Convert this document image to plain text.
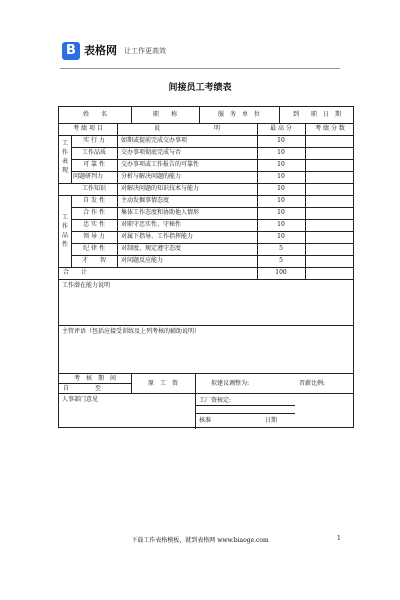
B 表格网 让工作更高效
间接员工考绩表
姓　　名	职　　称	服　务　单　位	到　　职　日　期
考 绩 项 目	说　　　　　　　　　明	最 高 分	考 绩 分 数
工作表现
工作品性
实 行 力	如期或提前完成交办事项	10
工作品质	交办事项彻底完成与否	10
可 靠 性	交办事项或工作报告的可靠性	10
问题研判力	分析与解决问题的能力	10
工作知识	对解决问题的知识技术与能力	10
自 发 性	主动发掘事情态度	10
合 作 性	集体工作态度和协助他人情形	10
忠 实 性	对职守忠实性、守秘性	10
领 导 力	对属下指导、工作指挥能力	10
纪 律 性	对制度、规定遵守态度	5
才　　智	对问题反应能力	5
合　　计	100
工作潜在能力说明
主管评语（包括应接受训练及上列考核的辅助说明）
考　核　期　间
自	至
原　工　资	拟建议调整为:	晋薪比例:
人事部门意见	工厂资核定:
核准	日期
下载工作表格模板，就到表格网 www.biaoge.com	1
